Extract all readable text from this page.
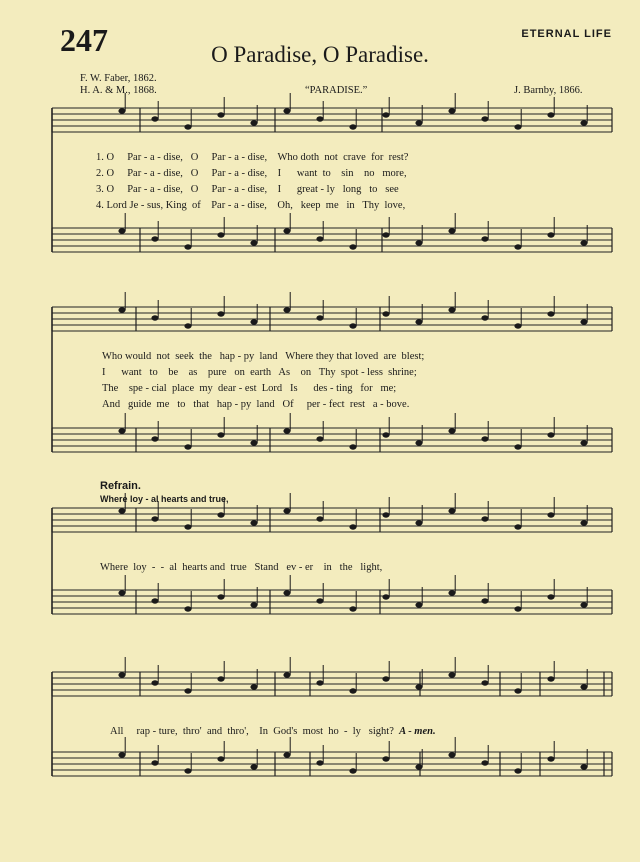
247	ETERNAL LIFE
O Paradise, O Paradise.
F. W. Faber, 1862.
H. A. & M., 1868.	“PARADISE.”	J. Barnby, 1866.
1. O     Par - a - dise,   O     Par - a - dise,    Who doth  not  crave  for  rest?
2. O     Par - a - dise,   O     Par - a - dise,    I      want  to    sin    no   more,
3. O     Par - a - dise,   O     Par - a - dise,    I      great - ly   long   to   see
4. Lord Je - sus, King  of    Par - a - dise,    Oh,   keep  me   in   Thy  love,
Who would  not  seek  the   hap - py  land   Where they that loved  are  blest;
I      want   to    be    as    pure   on  earth   As    on   Thy  spot - less  shrine;
The    spe - cial  place  my  dear - est  Lord   Is      des - ting   for   me;
And   guide  me   to   that   hap - py  land   Of     per - fect  rest   a - bove.
Refrain.
Where loy - al hearts and true,
Where  loy  -  -  al  hearts and  true   Stand   ev - er    in   the   light,
All     rap - ture,  thro'  and  thro',    In  God's  most  ho  -  ly   sight? A - men.
